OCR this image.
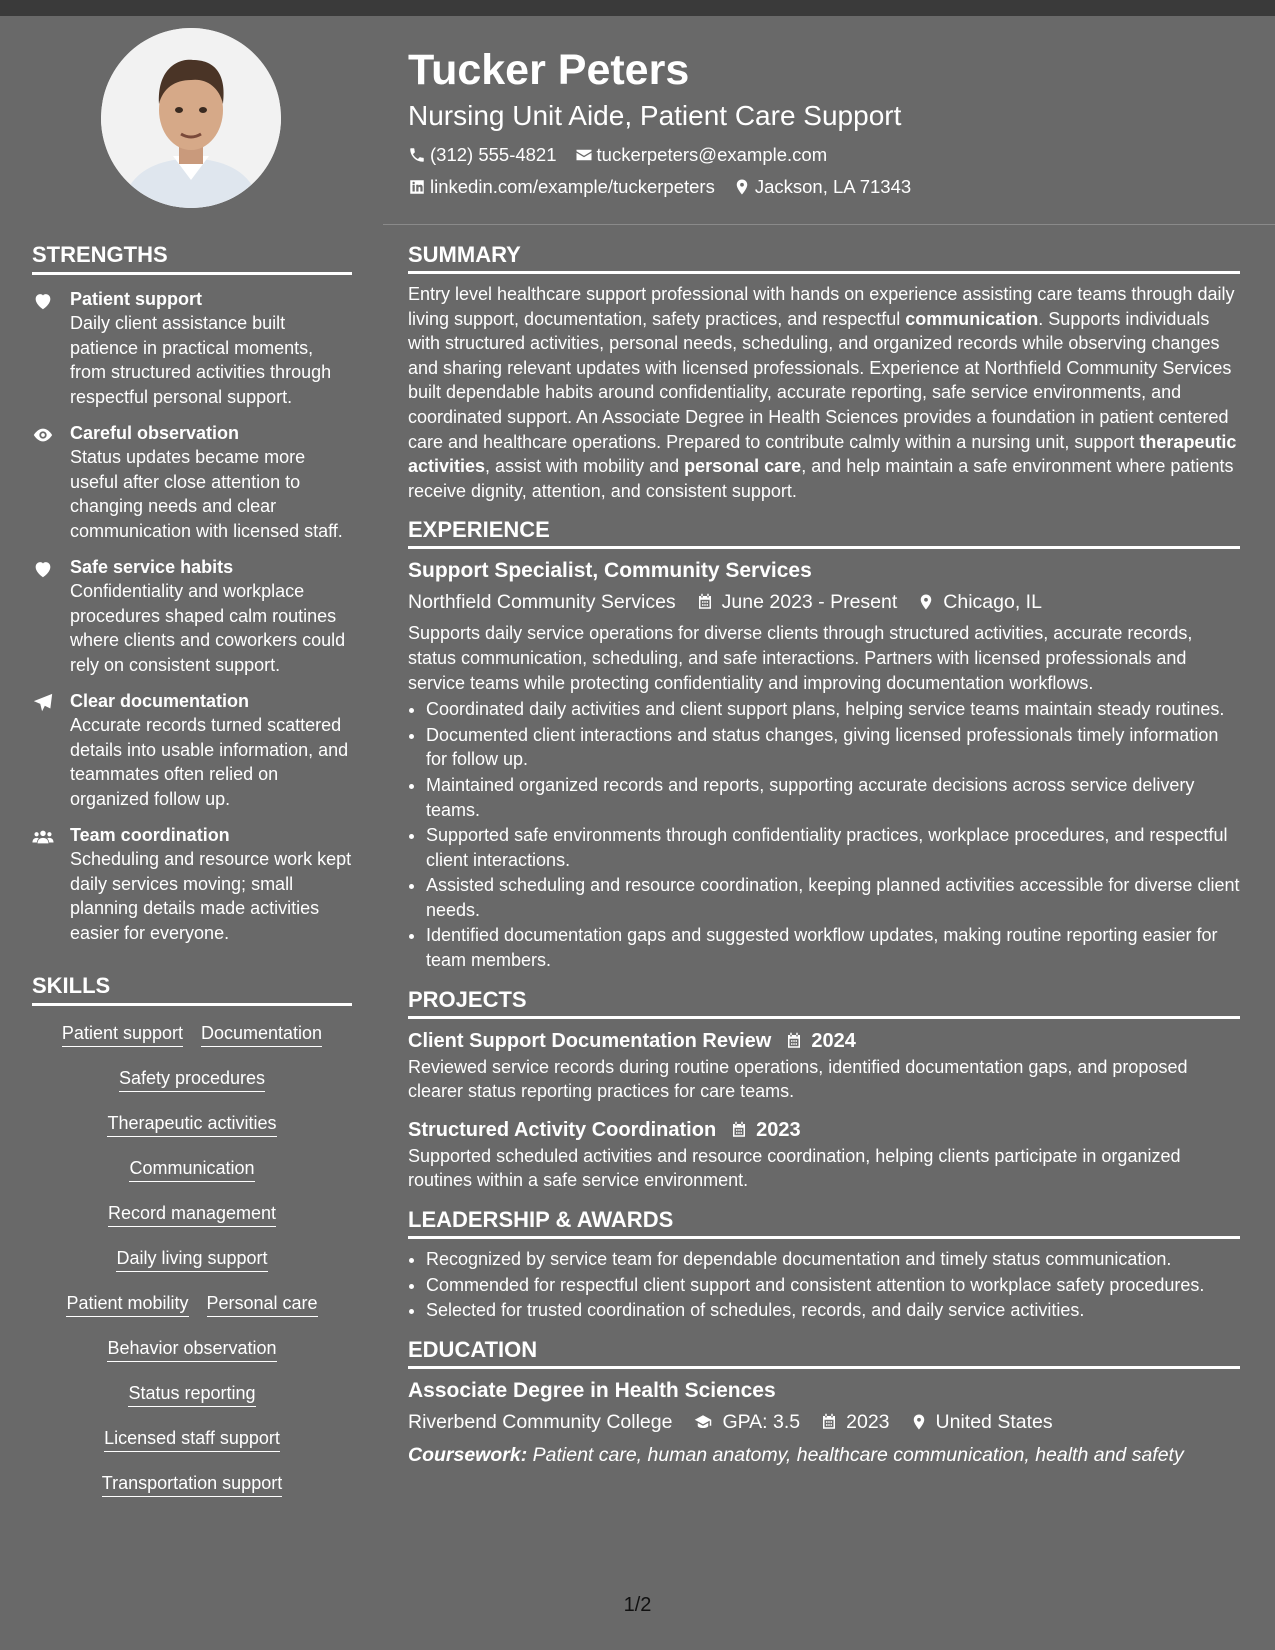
Tucker Peters
Nursing Unit Aide, Patient Care Support
(312) 555-4821 tuckerpeters@example.com
linkedin.com/example/tuckerpeters Jackson, LA 71343
STRENGTHS
Patient support
Daily client assistance built patience in practical moments, from structured activities through respectful personal support.
Careful observation
Status updates became more useful after close attention to changing needs and clear communication with licensed staff.
Safe service habits
Confidentiality and workplace procedures shaped calm routines where clients and coworkers could rely on consistent support.
Clear documentation
Accurate records turned scattered details into usable information, and teammates often relied on organized follow up.
Team coordination
Scheduling and resource work kept daily services moving; small planning details made activities easier for everyone.
SKILLS
Patient support Documentation
Safety procedures
Therapeutic activities
Communication
Record management
Daily living support
Patient mobility Personal care
Behavior observation
Status reporting
Licensed staff support
Transportation support
SUMMARY

Entry level healthcare support professional with hands on experience assisting care teams through daily living support, documentation, safety practices, and respectful communication. Supports individuals with structured activities, personal needs, scheduling, and organized records while observing changes and sharing relevant updates with licensed professionals. Experience at Northfield Community Services built dependable habits around confidentiality, accurate reporting, safe service environments, and coordinated support. An Associate Degree in Health Sciences provides a foundation in patient centered care and healthcare operations. Prepared to contribute calmly within a nursing unit, support therapeutic activities, assist with mobility and personal care, and help maintain a safe environment where patients receive dignity, attention, and consistent support.

EXPERIENCE
Support Specialist, Community Services
Northfield Community Services June 2023 - Present Chicago, IL

Supports daily service operations for diverse clients through structured activities, accurate records, status communication, scheduling, and safe interactions. Partners with licensed professionals and service teams while protecting confidentiality and improving documentation workflows.

• Coordinated daily activities and client support plans, helping service teams maintain steady routines.
• Documented client interactions and status changes, giving licensed professionals timely information for follow up.
• Maintained organized records and reports, supporting accurate decisions across service delivery teams.
• Supported safe environments through confidentiality practices, workplace procedures, and respectful client interactions.
• Assisted scheduling and resource coordination, keeping planned activities accessible for diverse client needs.
• Identified documentation gaps and suggested workflow updates, making routine reporting easier for team members.
PROJECTS
Client Support Documentation Review 2024

Reviewed service records during routine operations, identified documentation gaps, and proposed clearer status reporting practices for care teams.

Structured Activity Coordination 2023

Supported scheduled activities and resource coordination, helping clients participate in organized routines within a safe service environment.

LEADERSHIP & AWARDS
• Recognized by service team for dependable documentation and timely status communication.
• Commended for respectful client support and consistent attention to workplace safety procedures.
• Selected for trusted coordination of schedules, records, and daily service activities.
EDUCATION
Associate Degree in Health Sciences
Riverbend Community College	GPA: 3.5 2023 United States
Coursework: Patient care, human anatomy, healthcare communication, health and safety
1/2
